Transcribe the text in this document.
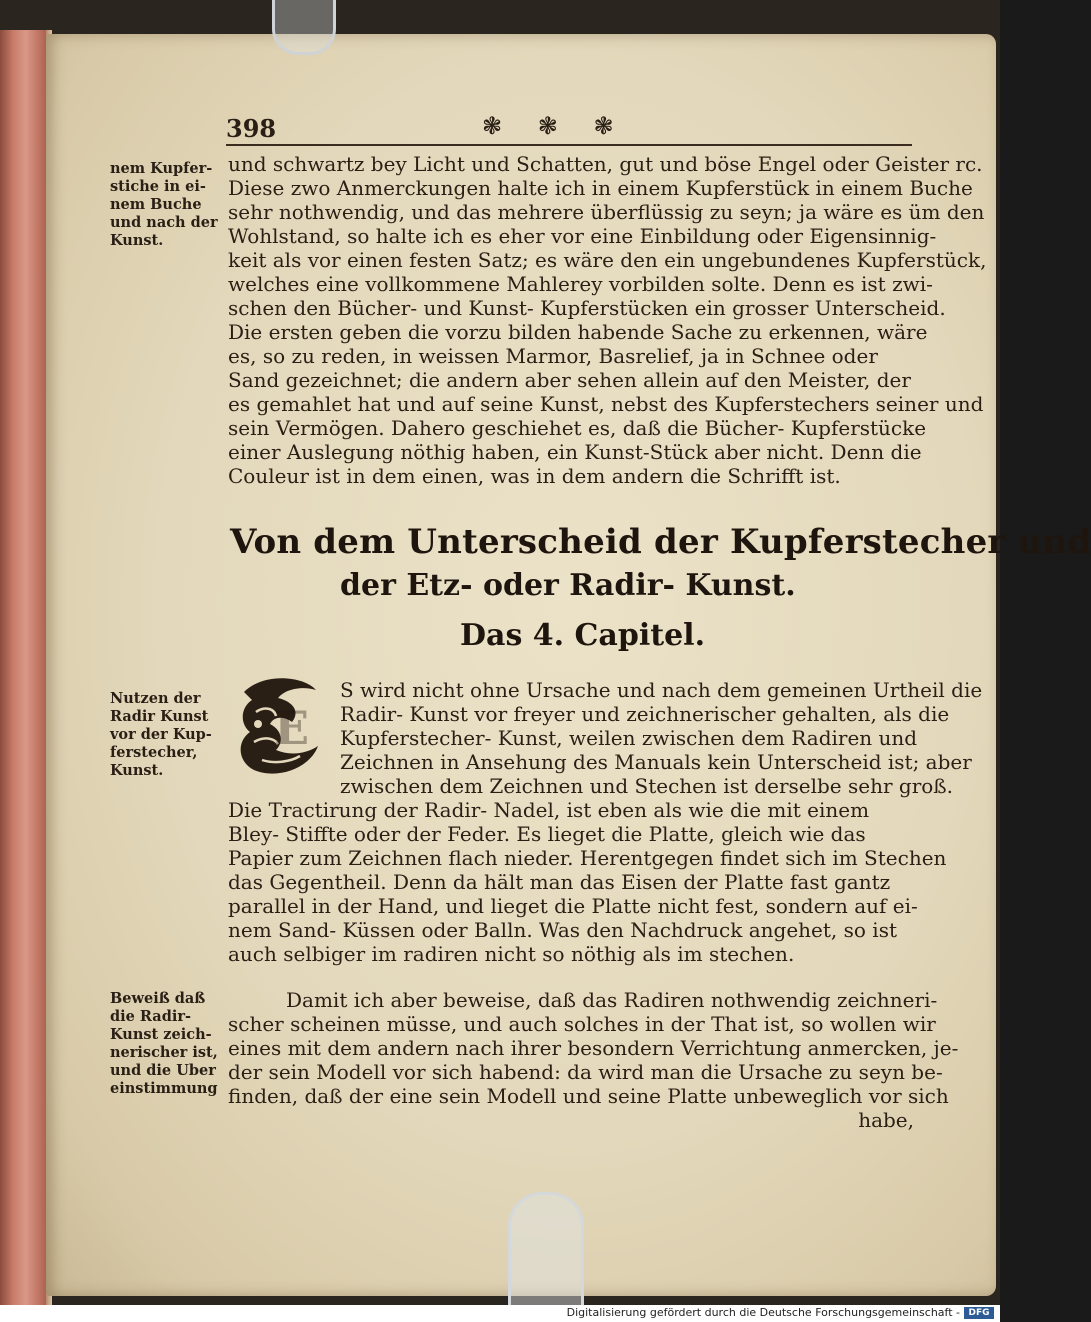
398	❃ ❃ ❃
nem Kupfer-
stiche in ei-
nem Buche
und nach der
Kunst.
und schwartz bey Licht und Schatten, gut und böse Engel oder Geister rc.
Diese zwo Anmerckungen halte ich in einem Kupferstück in einem Buche
sehr nothwendig, und das mehrere überflüssig zu seyn; ja wäre es üm den
Wohlstand, so halte ich es eher vor eine Einbildung oder Eigensinnig-
keit als vor einen festen Satz; es wäre den ein ungebundenes Kupferstück,
welches eine vollkommene Mahlerey vorbilden solte. Denn es ist zwi-
schen den Bücher- und Kunst- Kupferstücken ein grosser Unterscheid.
Die ersten geben die vorzu bilden habende Sache zu erkennen, wäre
es, so zu reden, in weissen Marmor, Basrelief, ja in Schnee oder
Sand gezeichnet; die andern aber sehen allein auf den Meister, der
es gemahlet hat und auf seine Kunst, nebst des Kupferstechers seiner und
sein Vermögen. Dahero geschiehet es, daß die Bücher- Kupferstücke
einer Auslegung nöthig haben, ein Kunst-Stück aber nicht. Denn die
Couleur ist in dem einen, was in dem andern die Schrifft ist.
Von dem Unterscheid der Kupferstecher und
der Etz- oder Radir- Kunst.
Das 4. Capitel.
Nutzen der
Radir Kunst
vor der Kup-
ferstecher,
Kunst.
E
S wird nicht ohne Ursache und nach dem gemeinen Urtheil die
Radir- Kunst vor freyer und zeichnerischer gehalten, als die
Kupferstecher- Kunst, weilen zwischen dem Radiren und
Zeichnen in Ansehung des Manuals kein Unterscheid ist; aber
zwischen dem Zeichnen und Stechen ist derselbe sehr groß.
Die Tractirung der Radir- Nadel, ist eben als wie die mit einem
Bley- Stiffte oder der Feder. Es lieget die Platte, gleich wie das
Papier zum Zeichnen flach nieder. Herentgegen findet sich im Stechen
das Gegentheil. Denn da hält man das Eisen der Platte fast gantz
parallel in der Hand, und lieget die Platte nicht fest, sondern auf ei-
nem Sand- Küssen oder Balln. Was den Nachdruck angehet, so ist
auch selbiger im radiren nicht so nöthig als im stechen.
Beweiß daß
die Radir-
Kunst zeich-
nerischer ist,
und die Uber
einstimmung
Damit ich aber beweise, daß das Radiren nothwendig zeichneri-
scher scheinen müsse, und auch solches in der That ist, so wollen wir
eines mit dem andern nach ihrer besondern Verrichtung anmercken, je-
der sein Modell vor sich habend: da wird man die Ursache zu seyn be-
finden, daß der eine sein Modell und seine Platte unbeweglich vor sich
habe,
Digitalisierung gefördert durch die Deutsche Forschungsgemeinschaft - DFG
